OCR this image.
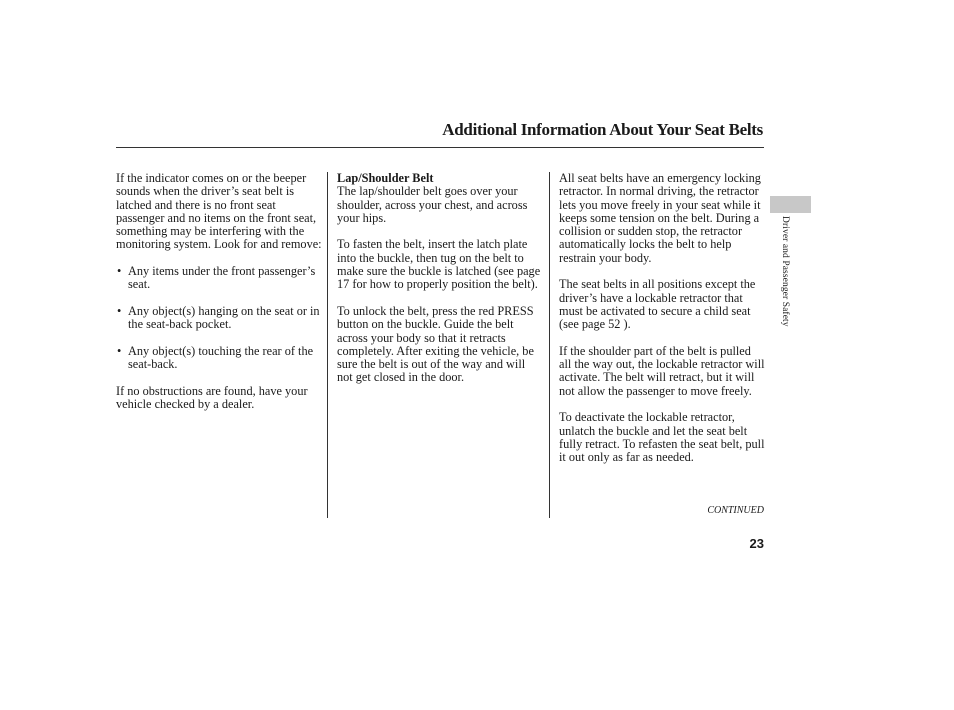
Additional Information About Your Seat Belts
Driver and Passenger Safety

If the indicator comes on or the beeper sounds when the driver’s seat belt is latched and there is no front seat passenger and no items on the front seat, something may be interfering with the monitoring system. Look for and remove:

• Any items under the front passenger’s seat.
• Any object(s) hanging on the seat or in the seat-back pocket.
• Any object(s) touching the rear of the seat-back.

If no obstructions are found, have your vehicle checked by a dealer.

Lap/Shoulder Belt

The lap/shoulder belt goes over your shoulder, across your chest, and across your hips.

To fasten the belt, insert the latch plate into the buckle, then tug on the belt to make sure the buckle is latched (see page 17 for how to properly position the belt).

To unlock the belt, press the red PRESS button on the buckle. Guide the belt across your body so that it retracts completely. After exiting the vehicle, be sure the belt is out of the way and will not get closed in the door.

All seat belts have an emergency locking retractor. In normal driving, the retractor lets you move freely in your seat while it keeps some tension on the belt. During a collision or sudden stop, the retractor automatically locks the belt to help restrain your body.

The seat belts in all positions except the driver’s have a lockable retractor that must be activated to secure a child seat (see page 52 ).

If the shoulder part of the belt is pulled all the way out, the lockable retractor will activate. The belt will retract, but it will not allow the passenger to move freely.

To deactivate the lockable retractor, unlatch the buckle and let the seat belt fully retract. To refasten the seat belt, pull it out only as far as needed.

CONTINUED
23
